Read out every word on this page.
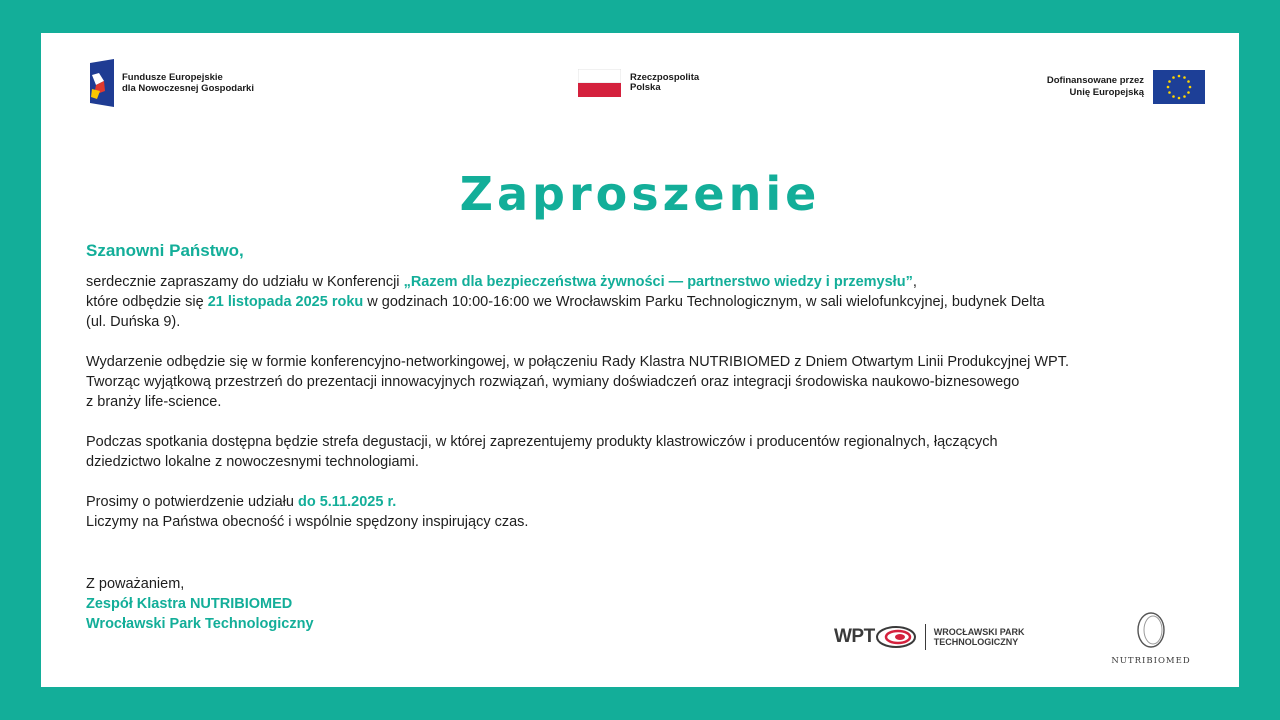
Fundusze Europejskie
dla Nowoczesnej Gospodarki
Rzeczpospolita
Polska
Dofinansowane przez
Unię Europejską
Zaproszenie
Szanowni Państwo,

serdecznie zapraszamy do udziału w Konferencji „Razem dla bezpieczeństwa żywności — partnerstwo wiedzy i przemysłu”,
które odbędzie się 21 listopada 2025 roku w godzinach 10:00-16:00 we Wrocławskim Parku Technologicznym, w sali wielofunkcyjnej, budynek Delta
(ul. Duńska 9).

Wydarzenie odbędzie się w formie konferencyjno-networkingowej, w połączeniu Rady Klastra NUTRIBIOMED z Dniem Otwartym Linii Produkcyjnej WPT.
Tworząc wyjątkową przestrzeń do prezentacji innowacyjnych rozwiązań, wymiany doświadczeń oraz integracji środowiska naukowo-biznesowego
z branży life-science.

Podczas spotkania dostępna będzie strefa degustacji, w której zaprezentujemy produkty klastrowiczów i producentów regionalnych, łączących
dziedzictwo lokalne z nowoczesnymi technologiami.

Prosimy o potwierdzenie udziału do 5.11.2025 r.
Liczymy na Państwa obecność i wspólnie spędzony inspirujący czas.

Z poważaniem,
Zespół Klastra NUTRIBIOMED
Wrocławski Park Technologiczny
WPT	WROCŁAWSKI PARK
TECHNOLOGICZNY
NUTRIBIOMED
